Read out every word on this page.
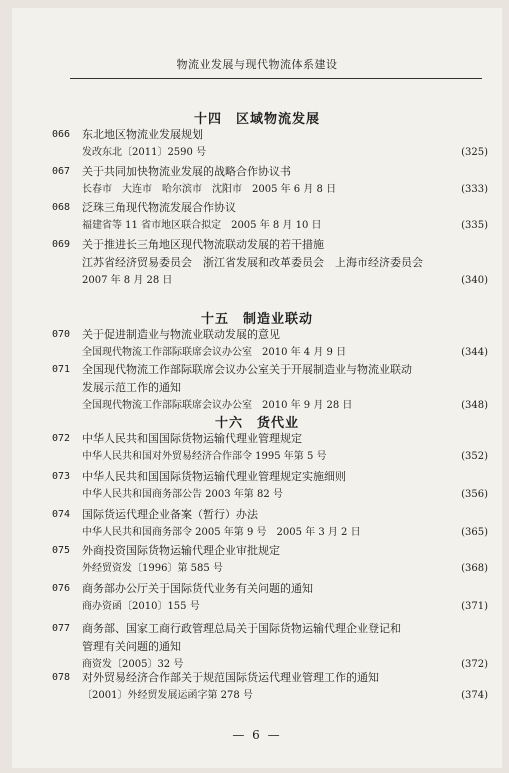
物流业发展与现代物流体系建设
十四　区域物流发展
066	东北地区物流业发展规划
发改东北〔2011〕2590 号	(325)
067	关于共同加快物流业发展的战略合作协议书
长春市　大连市　哈尔滨市　沈阳市　2005 年 6 月 8 日	(333)
068	泛珠三角现代物流发展合作协议
福建省等 11 省市地区联合拟定　2005 年 8 月 10 日	(335)
069	关于推进长三角地区现代物流联动发展的若干措施
江苏省经济贸易委员会　浙江省发展和改革委员会　上海市经济委员会
2007 年 8 月 28 日	(340)
十五　制造业联动
070	关于促进制造业与物流业联动发展的意见
全国现代物流工作部际联席会议办公室　2010 年 4 月 9 日	(344)
071	全国现代物流工作部际联席会议办公室关于开展制造业与物流业联动
发展示范工作的通知
全国现代物流工作部际联席会议办公室　2010 年 9 月 28 日	(348)
十六　货代业
072	中华人民共和国国际货物运输代理业管理规定
中华人民共和国对外贸易经济合作部令 1995 年第 5 号	(352)
073	中华人民共和国国际货物运输代理业管理规定实施细则
中华人民共和国商务部公告 2003 年第 82 号	(356)
074	国际货运代理企业备案（暂行）办法
中华人民共和国商务部令 2005 年第 9 号　2005 年 3 月 2 日	(365)
075	外商投资国际货物运输代理企业审批规定
外经贸资发〔1996〕第 585 号	(368)
076	商务部办公厅关于国际货代业务有关问题的通知
商办资函〔2010〕155 号	(371)
077	商务部、国家工商行政管理总局关于国际货物运输代理企业登记和
管理有关问题的通知
商资发〔2005〕32 号	(372)
078	对外贸易经济合作部关于规范国际货运代理业管理工作的通知
〔2001〕外经贸发展运函字第 278 号	(374)
— 6 —
